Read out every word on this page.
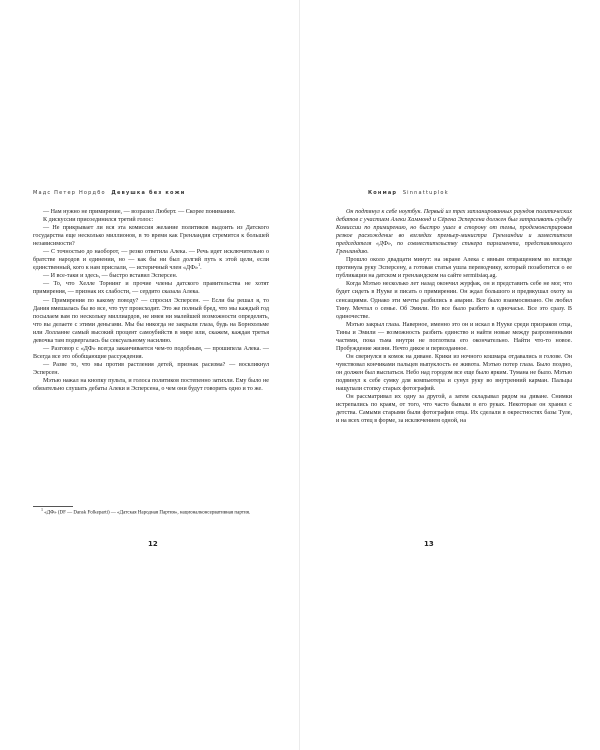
Мадс Петер Нордбо Девушка без кожи

— Нам нужно не примирение, — возразил Люберт. — Скорее понимание.

К дискуссии присоединился третий голос:

— Не прикрывает ли вся эта комиссия желание политиков выдоить из Датского государства еще несколько миллионов, в то время как Гренландия стремится к большей независимости?

— С точностью до наоборот, — резко ответила Алека. — Речь идет исключительно о братстве народов и единении, но — как бы ни был долгий путь к этой цели, если единственный, кого к нам прислали, — истеричный член «ДФ»$^1$.

— И все-таки и здесь, — быстро вставил Эсперсен.

— То, что Хелле Торнинг и прочие члены датского правительства не хотят примирения, — признак их слабости, — сердито сказала Алека.

— Примирения по какому поводу? — спросил Эсперсен. — Если бы решал я, то Дания вмешалась бы во все, что тут происходит. Это же полный бред, что мы каждый год посылаем вам по нескольку миллиардов, не имея ни малейшей возможности определять, что вы делаете с этими деньгами. Мы бы никогда не закрыли глаза, будь на Борнхольме или Лолланне самый высокий процент самоубийств в мире или, скажем, каждая третья девочка там подвергалась бы сексуальному насилию.

— Разговор с «ДФ» всегда заканчивается чем-то подобным, — прошипела Алека. — Всегда все это обобщающие рассуждения.

— Разве то, что мы против растления детей, признак расизма? — воскликнул Эсперсен.

Мэтью нажал на кнопку пульта, и голоса политиков постепенно затихли. Ему было не обязательно слушать дебаты Алеки и Эсперсена, о чем они будут говорить одно и то же.

$^1$ «ДФ» (DF — Dansk Folkeparti) — «Датская Народная Партия», националконсервативная партия.
12
Конмар Sinnattuplok

Он подтянул к себе ноутбук. Первый из трех запланированных раундов политических дебатов с участием Алеки Хаммонд и Сёрена Эсперсена должен был затрагивать судьбу Комиссии по примирению, но быстро ушел в сторону от темы, продемонстрировав резкое расхождение во взглядах премьер-министра Гренландии и заместителя председателя «ДФ», по совместительству спикера парламента, представляющего Гренландию.

Прошло около двадцати минут: на экране Алека с явным отвращением во взгляде протянула руку Эсперсену, а готовая статья ушла переводчику, который позаботится о ее публикации на датском и гренландском на сайте sermitsiaq.ag.

Когда Мэтью несколько лет назад окончил журфак, он и представить себе не мог, что будет сидеть в Нууке и писать о примирении. Он ждал большого и предвкушал охоту за сенсациями. Однако эти мечты разбились в аварии. Все было взаимосвязано. Он любил Тину. Мечтал о семье. Об Эмили. Но все было разбито в одночасье. Все это сразу. В одиночестве.

Мэтью закрыл глаза. Наверное, именно это он и искал в Нууке среди призраков отца, Тины и Эмили — возможность разбить единство и найти новые между разрозненными частями, пока тьма внутри не поглотила его окончательно. Найти что-то новое. Пробуждение жизни. Нечто дикое и первозданное.

Он свернулся в комок на диване. Крики из ночного кошмара отдавались в голове. Он чувствовал кончиками пальцев выпуклость ее живота. Мэтью потер глаза. Было поздно, он должен был выспаться. Небо над городом все еще было ярким. Тумана не было. Мэтью подвинул к себе сумку для компьютера и сунул руку во внутренний карман. Пальцы нащупали стопку старых фотографий.

Он рассматривал их одну за другой, а затем складывал рядом на диване. Снимки истрепались по краям, от того, что часто бывали в его руках. Некоторые он хранил с детства. Самыми старыми были фотографии отца. Их сделали в окрестностях базы Туле, и на всех отец в форме, за исключением одной, на

13
